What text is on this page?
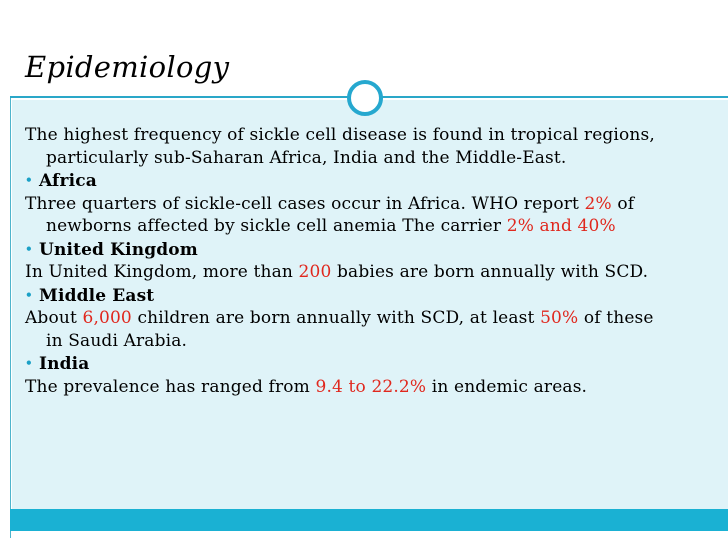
Epidemiology

The highest frequency of sickle cell disease is found in tropical regions,
particularly sub-Saharan Africa, India and the Middle-East.

• Africa

Three quarters of sickle-cell cases occur in Africa. WHO report 2% of
newborns affected by sickle cell anemia The carrier 2% and 40%

• United Kingdom

In United Kingdom, more than 200 babies are born annually with SCD.

• Middle East

About 6,000 children are born annually with SCD, at least 50% of these
in Saudi Arabia.

• India

The prevalence has ranged from 9.4 to 22.2% in endemic areas.
